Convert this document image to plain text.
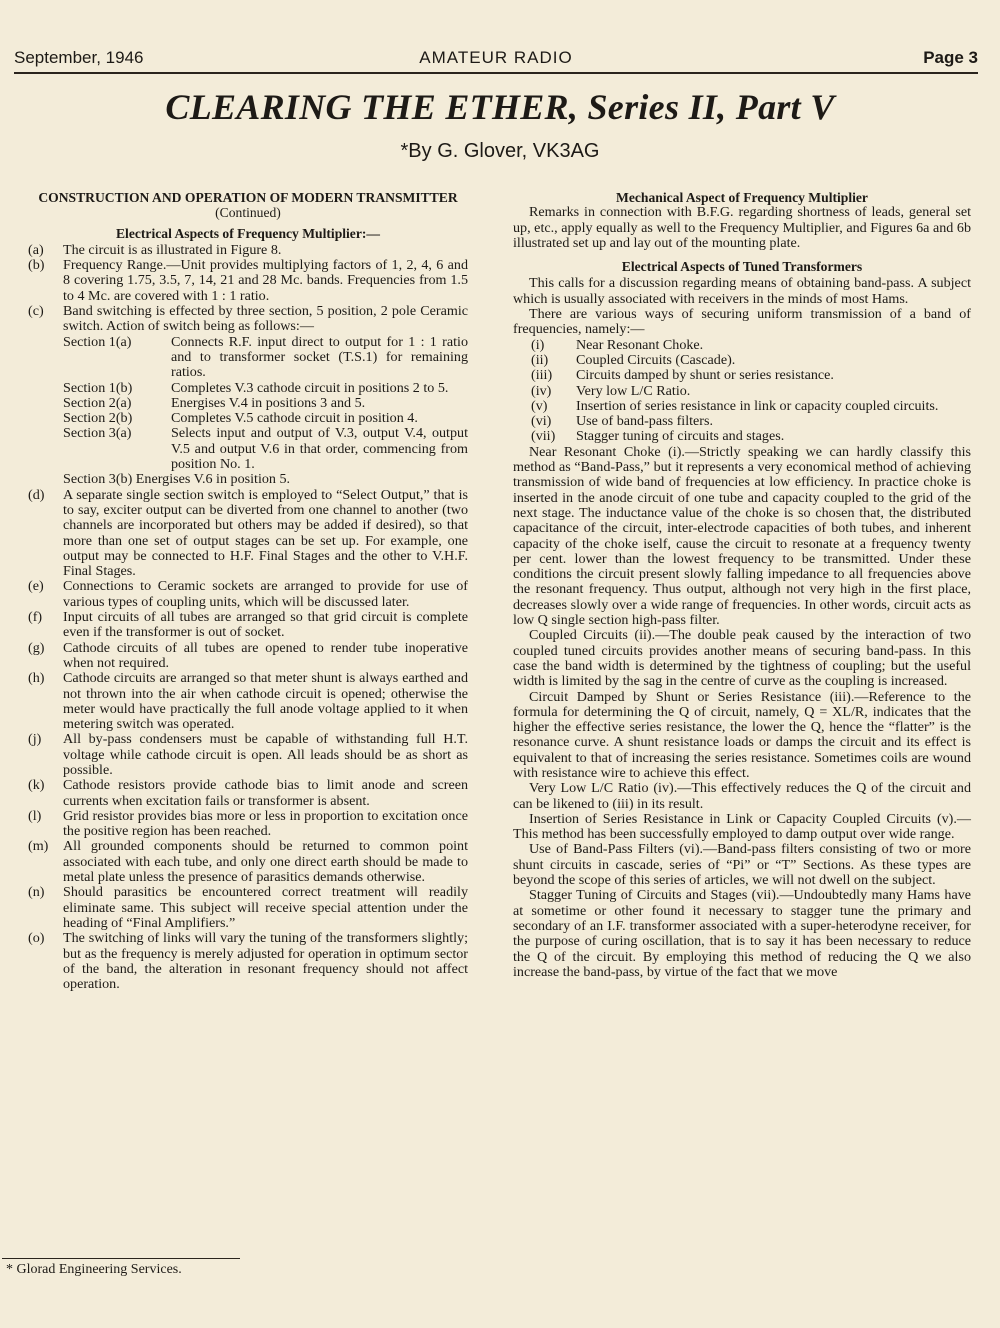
September, 1946	AMATEUR RADIO	Page 3
CLEARING THE ETHER, Series II, Part V
*By G. Glover, VK3AG
CONSTRUCTION AND OPERATION OF MODERN TRANSMITTER (Continued)
Electrical Aspects of Frequency Multiplier:—
(a) The circuit is as illustrated in Figure 8.
(b) Frequency Range.—Unit provides multiplying factors of 1, 2, 4, 6 and 8 covering 1.75, 3.5, 7, 14, 21 and 28 Mc. bands. Frequencies from 1.5 to 4 Mc. are covered with 1 : 1 ratio.
(c) Band switching is effected by three section, 5 position, 2 pole Ceramic switch. Action of switch being as follows:—
Section 1(a)	Connects R.F. input direct to output for 1 : 1 ratio and to transformer socket (T.S.1) for remaining ratios.
Section 1(b)	Completes V.3 cathode circuit in positions 2 to 5.
Section 2(a)	Energises V.4 in positions 3 and 5.
Section 2(b)	Completes V.5 cathode circuit in position 4.
Section 3(a)	Selects input and output of V.3, output V.4, output V.5 and output V.6 in that order, commencing from position No. 1.
Section 3(b) Energises V.6 in position 5.
(d) A separate single section switch is employed to “Select Output,” that is to say, exciter output can be diverted from one channel to another (two channels are incorporated but others may be added if desired), so that more than one set of output stages can be set up. For example, one output may be connected to H.F. Final Stages and the other to V.H.F. Final Stages.
(e) Connections to Ceramic sockets are arranged to provide for use of various types of coupling units, which will be discussed later.
(f) Input circuits of all tubes are arranged so that grid circuit is complete even if the transformer is out of socket.
(g) Cathode circuits of all tubes are opened to render tube inoperative when not required.
(h) Cathode circuits are arranged so that meter shunt is always earthed and not thrown into the air when cathode circuit is opened; otherwise the meter would have practically the full anode voltage applied to it when metering switch was operated.
(j) All by-pass condensers must be capable of withstanding full H.T. voltage while cathode circuit is open. All leads should be as short as possible.
(k) Cathode resistors provide cathode bias to limit anode and screen currents when excitation fails or transformer is absent.
(l) Grid resistor provides bias more or less in proportion to excitation once the positive region has been reached.
(m) All grounded components should be returned to common point associated with each tube, and only one direct earth should be made to metal plate unless the presence of parasitics demands otherwise.
(n) Should parasitics be encountered correct treatment will readily eliminate same. This subject will receive special attention under the heading of “Final Amplifiers.”
(o) The switching of links will vary the tuning of the transformers slightly; but as the frequency is merely adjusted for operation in optimum sector of the band, the alteration in resonant frequency should not affect operation.
Mechanical Aspect of Frequency Multiplier
Remarks in connection with B.F.G. regarding shortness of leads, general set up, etc., apply equally as well to the Frequency Multiplier, and Figures 6a and 6b illustrated set up and lay out of the mounting plate.
Electrical Aspects of Tuned Transformers
This calls for a discussion regarding means of obtaining band-pass. A subject which is usually associated with receivers in the minds of most Hams.
There are various ways of securing uniform transmission of a band of frequencies, namely:—
(i) Near Resonant Choke.
(ii) Coupled Circuits (Cascade).
(iii) Circuits damped by shunt or series resistance.
(iv) Very low L/C Ratio.
(v) Insertion of series resistance in link or capacity coupled circuits.
(vi) Use of band-pass filters.
(vii) Stagger tuning of circuits and stages.
Near Resonant Choke (i).—Strictly speaking we can hardly classify this method as “Band-Pass,” but it represents a very economical method of achieving transmission of wide band of frequencies at low efficiency. In practice choke is inserted in the anode circuit of one tube and capacity coupled to the grid of the next stage. The inductance value of the choke is so chosen that, the distributed capacitance of the circuit, inter-electrode capacities of both tubes, and inherent capacity of the choke iself, cause the circuit to resonate at a frequency twenty per cent. lower than the lowest frequency to be transmitted. Under these conditions the circuit present slowly falling impedance to all frequencies above the resonant frequency. Thus output, although not very high in the first place, decreases slowly over a wide range of frequencies. In other words, circuit acts as low Q single section high-pass filter.
Coupled Circuits (ii).—The double peak caused by the interaction of two coupled tuned circuits provides another means of securing band-pass. In this case the band width is determined by the tightness of coupling; but the useful width is limited by the sag in the centre of curve as the coupling is increased.
Circuit Damped by Shunt or Series Resistance (iii).—Reference to the formula for determining the Q of circuit, namely, Q = XL/R, indicates that the higher the effective series resistance, the lower the Q, hence the “flatter” is the resonance curve. A shunt resistance loads or damps the circuit and its effect is equivalent to that of increasing the series resistance. Sometimes coils are wound with resistance wire to achieve this effect.
Very Low L/C Ratio (iv).—This effectively reduces the Q of the circuit and can be likened to (iii) in its result.
Insertion of Series Resistance in Link or Capacity Coupled Circuits (v).—This method has been successfully employed to damp output over wide range.
Use of Band-Pass Filters (vi).—Band-pass filters consisting of two or more shunt circuits in cascade, series of “Pi” or “T” Sections. As these types are beyond the scope of this series of articles, we will not dwell on the subject.
Stagger Tuning of Circuits and Stages (vii).—Undoubtedly many Hams have at sometime or other found it necessary to stagger tune the primary and secondary of an I.F. transformer associated with a super-heterodyne receiver, for the purpose of curing oscillation, that is to say it has been necessary to reduce the Q of the circuit. By employing this method of reducing the Q we also increase the band-pass, by virtue of the fact that we move
* Glorad Engineering Services.
